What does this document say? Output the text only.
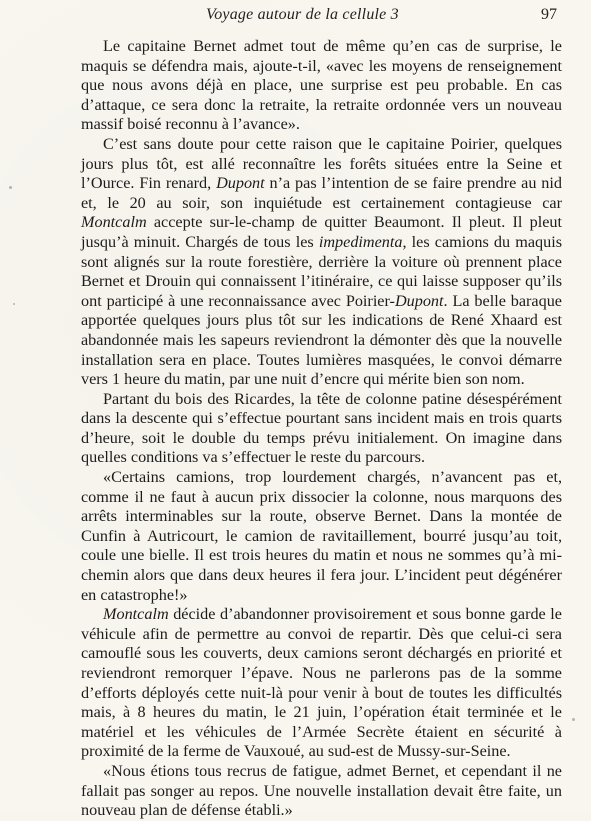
Voyage autour de la cellule 3	97

Le capitaine Bernet admet tout de même qu’en cas de surprise, le maquis se défendra mais, ajoute-t-il, «avec les moyens de renseignement que nous avons déjà en place, une surprise est peu probable. En cas d’attaque, ce sera donc la retraite, la retraite ordonnée vers un nouveau massif boisé reconnu à l’avance».

C’est sans doute pour cette raison que le capitaine Poirier, quelques jours plus tôt, est allé reconnaître les forêts situées entre la Seine et l’Ource. Fin renard, Dupont n’a pas l’intention de se faire prendre au nid et, le 20 au soir, son inquiétude est certainement contagieuse car Montcalm accepte sur-le-champ de quitter Beaumont. Il pleut. Il pleut jusqu’à minuit. Chargés de tous les impedimenta, les camions du maquis sont alignés sur la route forestière, derrière la voiture où prennent place Bernet et Drouin qui connaissent l’itinéraire, ce qui laisse supposer qu’ils ont participé à une reconnaissance avec Poirier-Dupont. La belle baraque apportée quelques jours plus tôt sur les indications de René Xhaard est abandonnée mais les sapeurs reviendront la démonter dès que la nouvelle installation sera en place. Toutes lumières masquées, le convoi démarre vers 1 heure du matin, par une nuit d’encre qui mérite bien son nom.

Partant du bois des Ricardes, la tête de colonne patine désespérément dans la descente qui s’effectue pourtant sans incident mais en trois quarts d’heure, soit le double du temps prévu initialement. On imagine dans quelles conditions va s’effectuer le reste du parcours.

«Certains camions, trop lourdement chargés, n’avancent pas et, comme il ne faut à aucun prix dissocier la colonne, nous marquons des arrêts interminables sur la route, observe Bernet. Dans la montée de Cunfin à Autricourt, le camion de ravitaillement, bourré jusqu’au toit, coule une bielle. Il est trois heures du matin et nous ne sommes qu’à mi-chemin alors que dans deux heures il fera jour. L’incident peut dégénérer en catastrophe!»

Montcalm décide d’abandonner provisoirement et sous bonne garde le véhicule afin de permettre au convoi de repartir. Dès que celui-ci sera camouflé sous les couverts, deux camions seront déchargés en priorité et reviendront remorquer l’épave. Nous ne parlerons pas de la somme d’efforts déployés cette nuit-là pour venir à bout de toutes les difficultés mais, à 8 heures du matin, le 21 juin, l’opération était terminée et le matériel et les véhicules de l’Armée Secrète étaient en sécurité à proximité de la ferme de Vauxoué, au sud-est de Mussy-sur-Seine.

«Nous étions tous recrus de fatigue, admet Bernet, et cependant il ne fallait pas songer au repos. Une nouvelle installation devait être faite, un nouveau plan de défense établi.»
